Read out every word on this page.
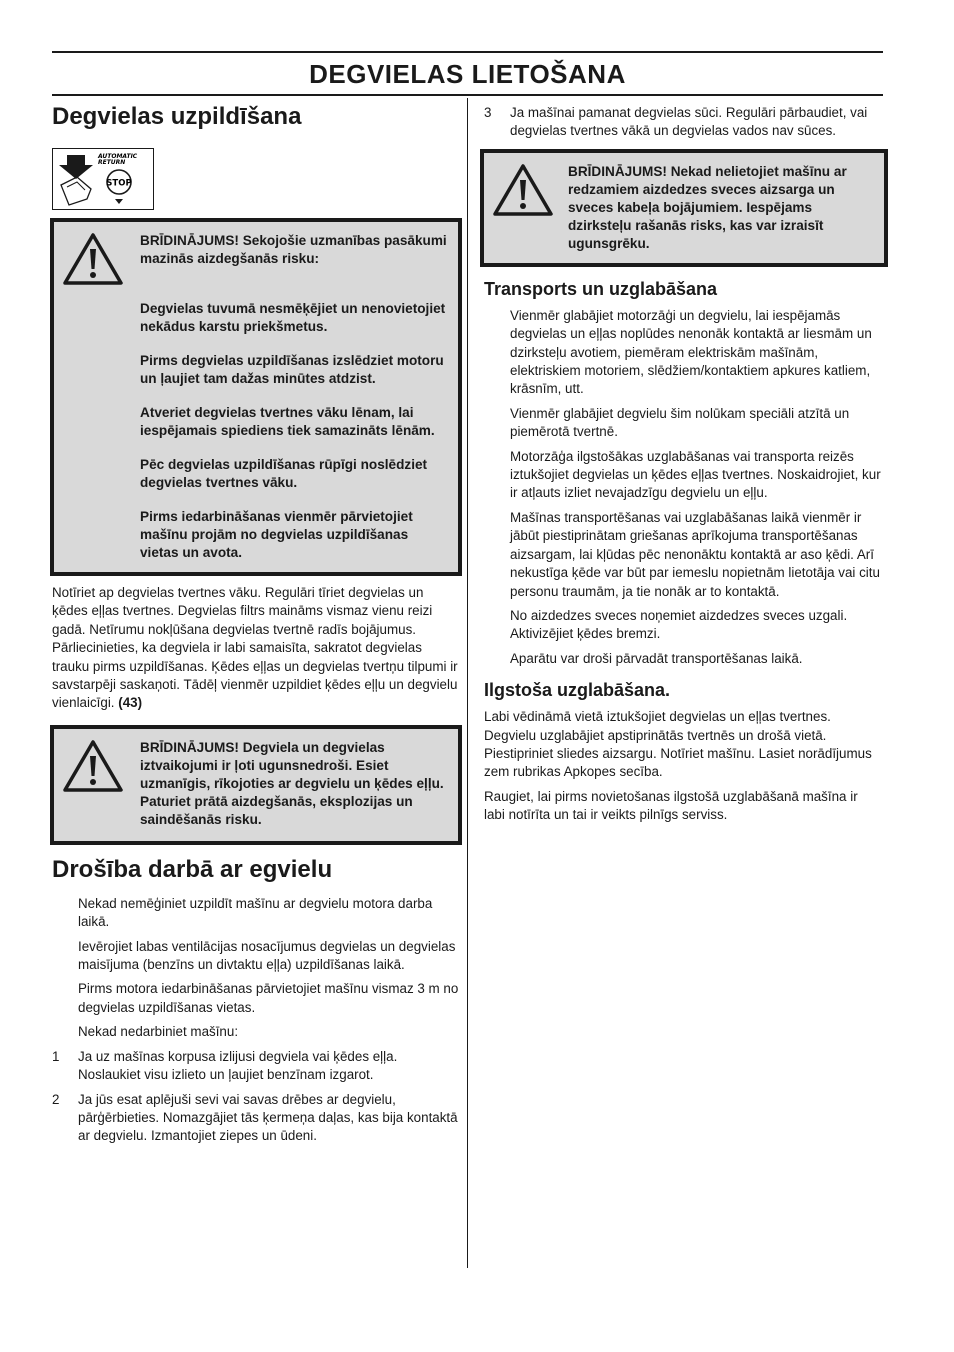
DEGVIELAS LIETOŠANA
Degvielas uzpildīšana
AUTOMATIC
RETURN
STOP
BRĪDINĀJUMS! Sekojošie uzmanības pasākumi mazinās aizdegšanās risku:
Degvielas tuvumā nesmēķējiet un nenovietojiet nekādus karstu priekšmetus.
Pirms degvielas uzpildīšanas izslēdziet motoru un ļaujiet tam dažas minūtes atdzist.
Atveriet degvielas tvertnes vāku lēnam, lai iespējamais spiediens tiek samazināts lēnām.
Pēc degvielas uzpildīšanas rūpīgi noslēdziet degvielas tvertnes vāku.
Pirms iedarbināšanas vienmēr pārvietojiet mašīnu projām no degvielas uzpildīšanas vietas un avota.

Notīriet ap degvielas tvertnes vāku. Regulāri tīriet degvielas un ķēdes eļļas tvertnes. Degvielas filtrs maināms vismaz vienu reizi gadā. Netīrumu nokļūšana degvielas tvertnē radīs bojājumus. Pārliecinieties, ka degviela ir labi samaisīta, sakratot degvielas trauku pirms uzpildīšanas. Ķēdes eļļas un degvielas tvertņu tilpumi ir savstarpēji saskaņoti. Tādēļ vienmēr uzpildiet ķēdes eļļu un degvielu vienlaicīgi. (43)

BRĪDINĀJUMS! Degviela un degvielas iztvaikojumi ir ļoti ugunsnedroši. Esiet uzmanīgis, rīkojoties ar degvielu un ķēdes eļļu. Paturiet prātā aizdegšanās, eksplozijas un saindēšanās risku.
Drošība darbā ar egvielu

Nekad nemēģiniet uzpildīt mašīnu ar degvielu motora darba laikā.

Ievērojiet labas ventilācijas nosacījumus degvielas un degvielas maisījuma (benzīns un divtaktu eļļa) uzpildīšanas laikā.

Pirms motora iedarbināšanas pārvietojiet mašīnu vismaz 3 m no degvielas uzpildīšanas vietas.

Nekad nedarbiniet mašīnu:

1 Ja uz mašīnas korpusa izlijusi degviela vai ķēdes eļļa. Noslaukiet visu izlieto un ļaujiet benzīnam izgarot.

2 Ja jūs esat aplējuši sevi vai savas drēbes ar degvielu, pārģērbieties. Nomazgājiet tās ķermeņa daļas, kas bija kontaktā ar degvielu. Izmantojiet ziepes un ūdeni.

3 Ja mašīnai pamanat degvielas sūci. Regulāri pārbaudiet, vai degvielas tvertnes vākā un degvielas vados nav sūces.

BRĪDINĀJUMS! Nekad nelietojiet mašīnu ar redzamiem aizdedzes sveces aizsarga un sveces kabeļa bojājumiem. Iespējams dzirksteļu rašanās risks, kas var izraisīt ugunsgrēku.
Transports un uzglabāšana

Vienmēr glabājiet motorzāģi un degvielu, lai iespējamās degvielas un eļļas noplūdes nenonāk kontaktā ar liesmām un dzirksteļu avotiem, piemēram elektriskām mašīnām, elektriskiem motoriem, slēdžiem/kontaktiem apkures katliem, krāsnīm, utt.

Vienmēr glabājiet degvielu šim nolūkam speciāli atzītā un piemērotā tvertnē.

Motorzāģa ilgstošākas uzglabāšanas vai transporta reizēs iztukšojiet degvielas un ķēdes eļļas tvertnes. Noskaidrojiet, kur ir atļauts izliet nevajadzīgu degvielu un eļļu.

Mašīnas transportēšanas vai uzglabāšanas laikā vienmēr ir jābūt piestiprinātam griešanas aprīkojuma transportēšanas aizsargam, lai kļūdas pēc nenonāktu kontaktā ar aso ķēdi. Arī nekustīga ķēde var būt par iemeslu nopietnām lietotāja vai citu personu traumām, ja tie nonāk ar to kontaktā.

No aizdedzes sveces noņemiet aizdedzes sveces uzgali. Aktivizējiet ķēdes bremzi.

Aparātu var droši pārvadāt transportēšanas laikā.

Ilgstoša uzglabāšana.

Labi vēdināmā vietā iztukšojiet degvielas un eļļas tvertnes. Degvielu uzglabājiet apstiprinātās tvertnēs un drošā vietā. Piestipriniet sliedes aizsargu. Notīriet mašīnu. Lasiet norādījumus zem rubrikas Apkopes secība.

Raugiet, lai pirms novietošanas ilgstošā uzglabāšanā mašīna ir labi notīrīta un tai ir veikts pilnīgs serviss.
